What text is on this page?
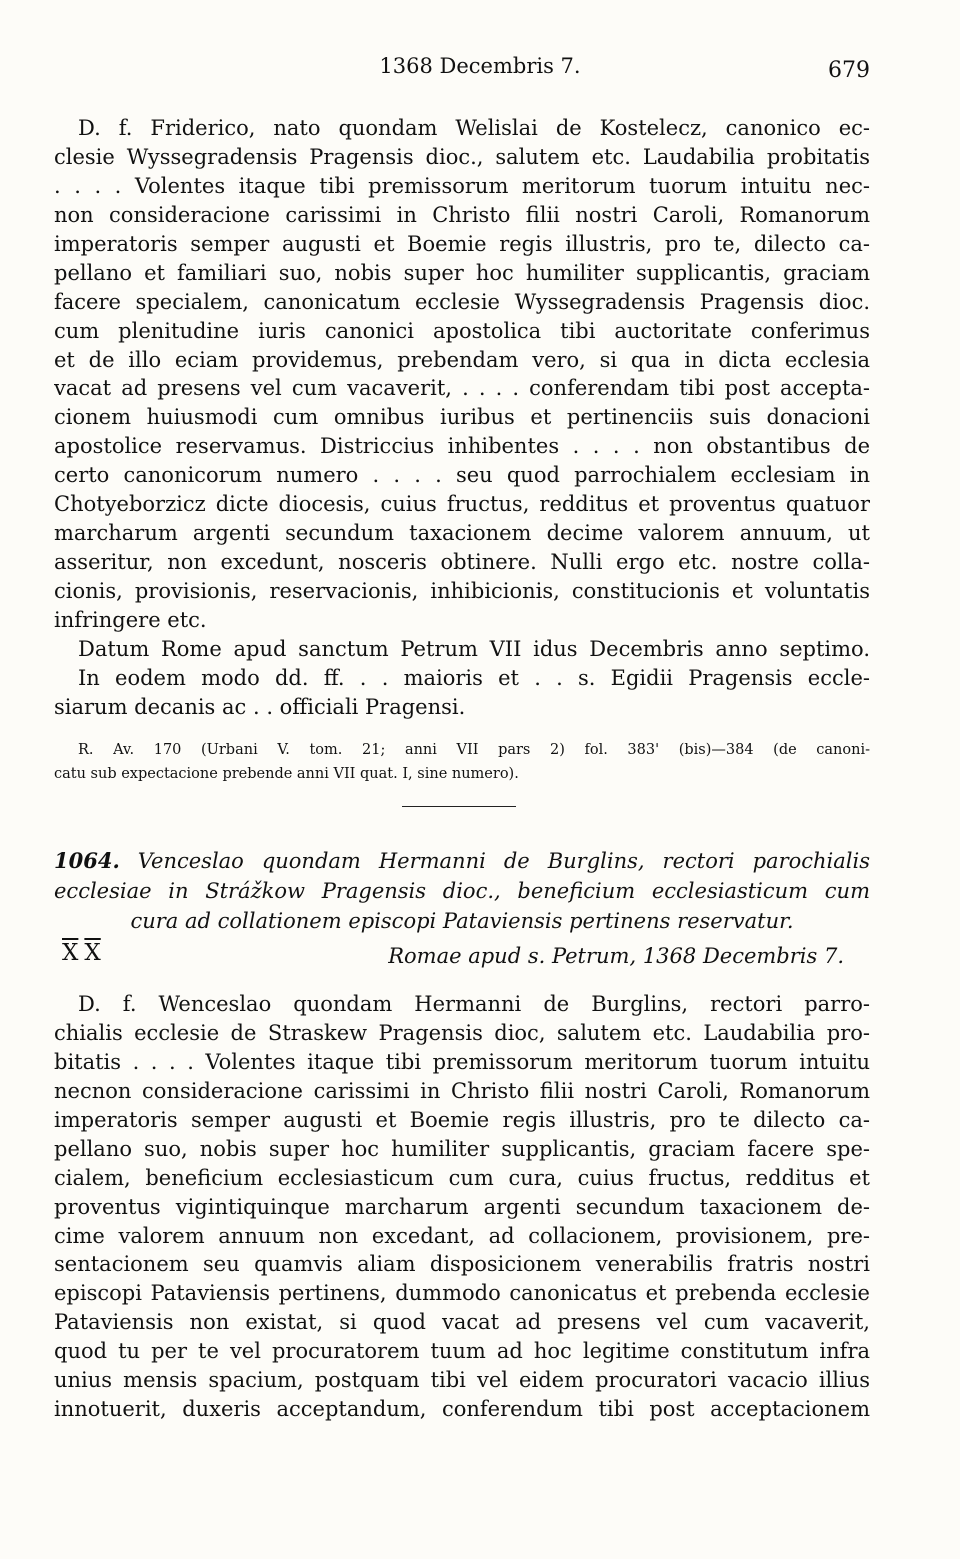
1368 Decembris 7.	679
D. f. Friderico, nato quondam Welislai de Kostelecz, canonico ec-
clesie Wyssegradensis Pragensis dioc., salutem etc. Laudabilia probitatis
. . . . Volentes itaque tibi premissorum meritorum tuorum intuitu nec-
non consideracione carissimi in Christo filii nostri Caroli, Romanorum
imperatoris semper augusti et Boemie regis illustris, pro te, dilecto ca-
pellano et familiari suo, nobis super hoc humiliter supplicantis, graciam
facere specialem, canonicatum ecclesie Wyssegradensis Pragensis dioc.
cum plenitudine iuris canonici apostolica tibi auctoritate conferimus
et de illo eciam providemus, prebendam vero, si qua in dicta ecclesia
vacat ad presens vel cum vacaverit, . . . . conferendam tibi post accepta-
cionem huiusmodi cum omnibus iuribus et pertinenciis suis donacioni
apostolice reservamus. Districcius inhibentes . . . . non obstantibus de
certo canonicorum numero . . . . seu quod parrochialem ecclesiam in
Chotyeborzicz dicte diocesis, cuius fructus, redditus et proventus quatuor
marcharum argenti secundum taxacionem decime valorem annuum, ut
asseritur, non excedunt, nosceris obtinere. Nulli ergo etc. nostre colla-
cionis, provisionis, reservacionis, inhibicionis, constitucionis et voluntatis
infringere etc.
Datum Rome apud sanctum Petrum VII idus Decembris anno septimo.
In eodem modo dd. ff. . . maioris et . . s. Egidii Pragensis eccle-
siarum decanis ac . . officiali Pragensi.
R. Av. 170 (Urbani V. tom. 21; anni VII pars 2) fol. 383' (bis)—384 (de canoni-
catu sub expectacione prebende anni VII quat. I, sine numero).
1064. Venceslao quondam Hermanni de Burglins, rectori parochialis
ecclesiae in Strážkow Pragensis dioc., beneficium ecclesiasticum cum
cura ad collationem episcopi Pataviensis pertinens reservatur.
$\overline{X}$ $\overline{X}$	Romae apud s. Petrum, 1368 Decembris 7.
D. f. Wenceslao quondam Hermanni de Burglins, rectori parro-
chialis ecclesie de Straskew Pragensis dioc, salutem etc. Laudabilia pro-
bitatis . . . . Volentes itaque tibi premissorum meritorum tuorum intuitu
necnon consideracione carissimi in Christo filii nostri Caroli, Romanorum
imperatoris semper augusti et Boemie regis illustris, pro te dilecto ca-
pellano suo, nobis super hoc humiliter supplicantis, graciam facere spe-
cialem, beneficium ecclesiasticum cum cura, cuius fructus, redditus et
proventus vigintiquinque marcharum argenti secundum taxacionem de-
cime valorem annuum non excedant, ad collacionem, provisionem, pre-
sentacionem seu quamvis aliam disposicionem venerabilis fratris nostri
episcopi Pataviensis pertinens, dummodo canonicatus et prebenda ecclesie
Pataviensis non existat, si quod vacat ad presens vel cum vacaverit,
quod tu per te vel procuratorem tuum ad hoc legitime constitutum infra
unius mensis spacium, postquam tibi vel eidem procuratori vacacio illius
innotuerit, duxeris acceptandum, conferendum tibi post acceptacionem
